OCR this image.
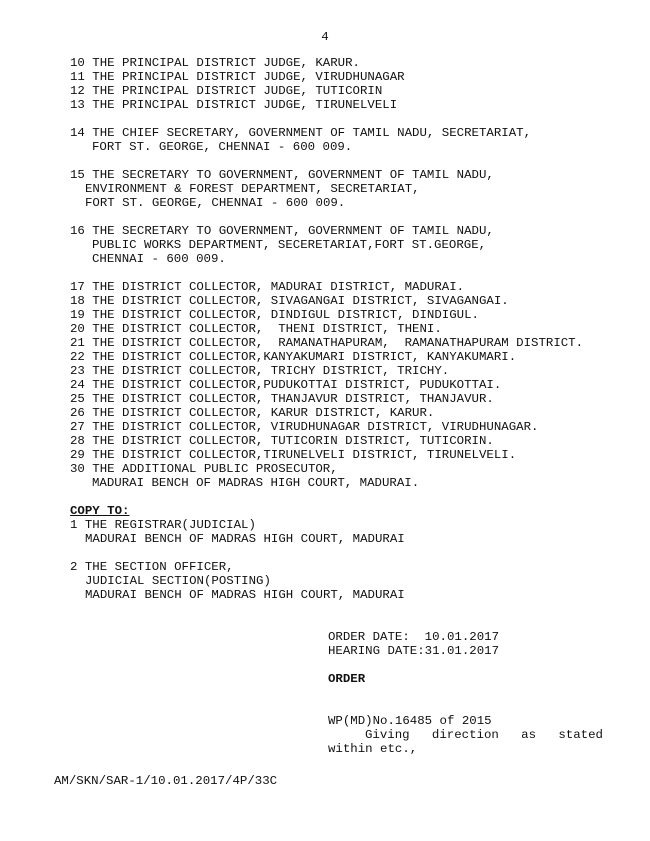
4
10 THE PRINCIPAL DISTRICT JUDGE, KARUR.
11 THE PRINCIPAL DISTRICT JUDGE, VIRUDHUNAGAR
12 THE PRINCIPAL DISTRICT JUDGE, TUTICORIN
13 THE PRINCIPAL DISTRICT JUDGE, TIRUNELVELI
14 THE CHIEF SECRETARY, GOVERNMENT OF TAMIL NADU, SECRETARIAT,
FORT ST. GEORGE, CHENNAI - 600 009.
15 THE SECRETARY TO GOVERNMENT, GOVERNMENT OF TAMIL NADU,
ENVIRONMENT & FOREST DEPARTMENT, SECRETARIAT,
FORT ST. GEORGE, CHENNAI - 600 009.
16 THE SECRETARY TO GOVERNMENT, GOVERNMENT OF TAMIL NADU,
PUBLIC WORKS DEPARTMENT, SECERETARIAT,FORT ST.GEORGE,
CHENNAI - 600 009.
17 THE DISTRICT COLLECTOR, MADURAI DISTRICT, MADURAI.
18 THE DISTRICT COLLECTOR, SIVAGANGAI DISTRICT, SIVAGANGAI.
19 THE DISTRICT COLLECTOR, DINDIGUL DISTRICT, DINDIGUL.
20 THE DISTRICT COLLECTOR,  THENI DISTRICT, THENI.
21 THE DISTRICT COLLECTOR,  RAMANATHAPURAM,  RAMANATHAPURAM DISTRICT.
22 THE DISTRICT COLLECTOR,KANYAKUMARI DISTRICT, KANYAKUMARI.
23 THE DISTRICT COLLECTOR, TRICHY DISTRICT, TRICHY.
24 THE DISTRICT COLLECTOR,PUDUKOTTAI DISTRICT, PUDUKOTTAI.
25 THE DISTRICT COLLECTOR, THANJAVUR DISTRICT, THANJAVUR.
26 THE DISTRICT COLLECTOR, KARUR DISTRICT, KARUR.
27 THE DISTRICT COLLECTOR, VIRUDHUNAGAR DISTRICT, VIRUDHUNAGAR.
28 THE DISTRICT COLLECTOR, TUTICORIN DISTRICT, TUTICORIN.
29 THE DISTRICT COLLECTOR,TIRUNELVELI DISTRICT, TIRUNELVELI.
30 THE ADDITIONAL PUBLIC PROSECUTOR,
MADURAI BENCH OF MADRAS HIGH COURT, MADURAI.
COPY TO:
1 THE REGISTRAR(JUDICIAL)
MADURAI BENCH OF MADRAS HIGH COURT, MADURAI
2 THE SECTION OFFICER,
JUDICIAL SECTION(POSTING)
MADURAI BENCH OF MADRAS HIGH COURT, MADURAI
ORDER DATE:  10.01.2017
HEARING DATE:31.01.2017
ORDER
WP(MD)No.16485 of 2015
Giving   direction   as   stated
within etc.,
AM/SKN/SAR-1/10.01.2017/4P/33C
